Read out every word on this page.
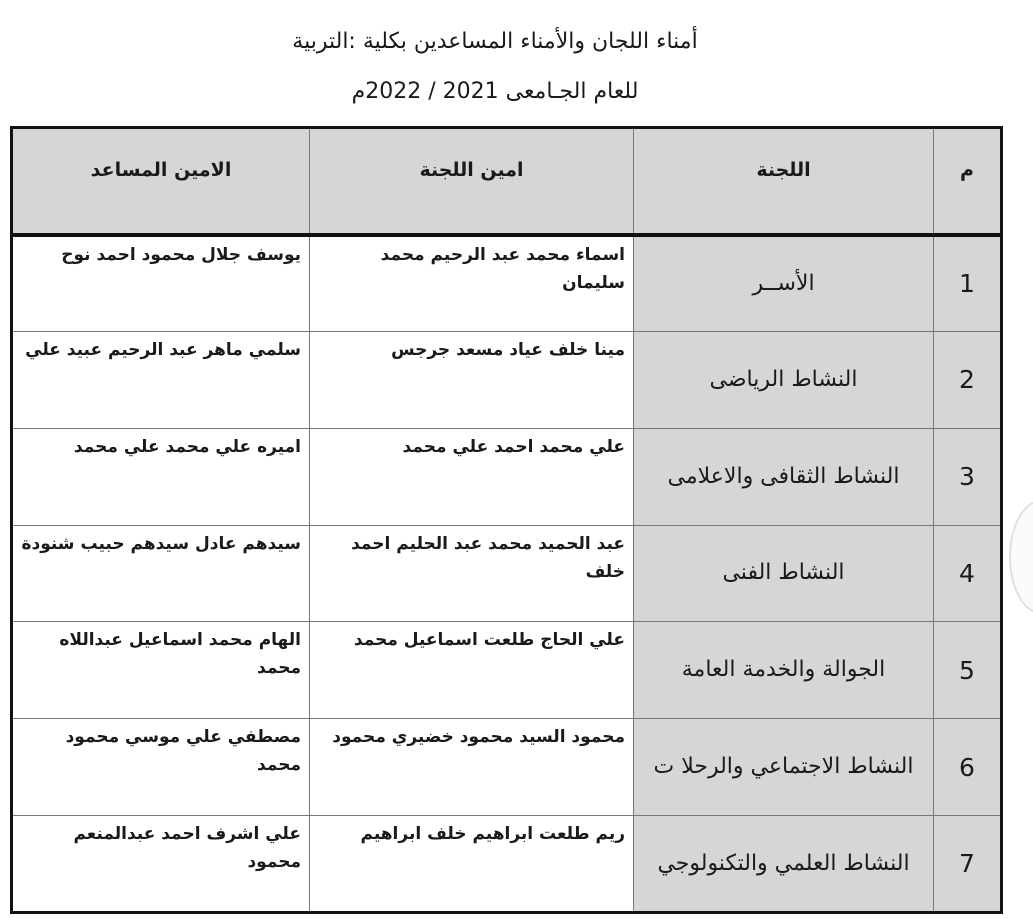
أمناء اللجان والأمناء المساعدين بكلية :التربية
للعام الجـامعى 2021 / 2022م
م	اللجنة	امين اللجنة	الامين المساعد
1	الأســر	اسماء محمد عبد الرحيم محمد سليمان	يوسف جلال محمود احمد نوح
2	النشاط الرياضى	مينا خلف عياد مسعد جرجس	سلمي ماهر عبد الرحيم عبيد علي
3	النشاط الثقافى والاعلامى	علي محمد احمد علي محمد	اميره علي محمد علي محمد
4	النشاط الفنى	عبد الحميد محمد عبد الحليم احمد خلف	سيدهم عادل سيدهم حبيب شنودة
5	الجوالة والخدمة العامة	علي الحاج طلعت اسماعيل محمد	الهام محمد اسماعيل عبداللاه محمد
6	النشاط الاجتماعي والرحلا ت	محمود السيد محمود خضيري محمود	مصطفي علي موسي محمود محمد
7	النشاط العلمي والتكنولوجي	ريم طلعت ابراهيم خلف ابراهيم	علي اشرف احمد عبدالمنعم محمود
